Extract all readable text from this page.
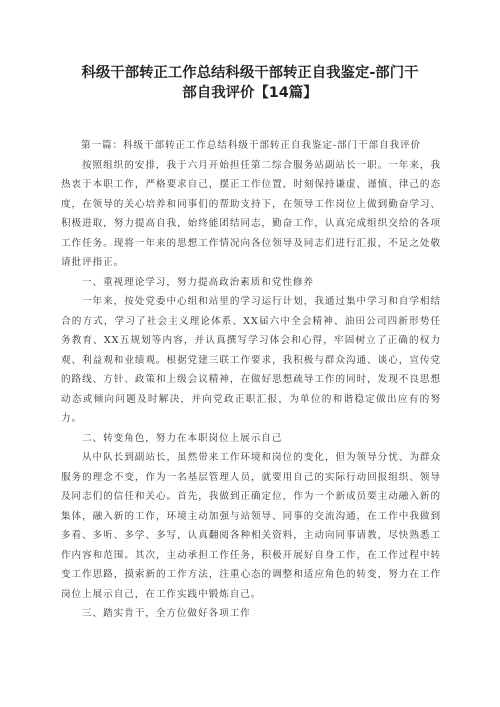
科级干部转正工作总结科级干部转正自我鉴定-部门干
部自我评价【14篇】

第一篇：科级干部转正工作总结科级干部转正自我鉴定-部门干部自我评价

按照组织的安排，我于六月开始担任第二综合服务站副站长一职。一年来，我热衷于本职工作，严格要求自己，摆正工作位置，时刻保持谦虚、谨慎、律己的态度，在领导的关心培养和同事们的帮助支持下，在领导工作岗位上做到勤奋学习、积极进取，努力提高自我，始终能团结同志，勤奋工作，认真完成组织交给的各项工作任务。现将一年来的思想工作情况向各位领导及同志们进行汇报，不足之处敬请批评指正。

一、重视理论学习，努力提高政治素质和党性修养

一年来，按处党委中心组和站里的学习运行计划，我通过集中学习和自学相结合的方式，学习了社会主义理论体系、XX届六中全会精神、油田公司四新形势任务教育、XX五规划等内容，并认真撰写学习体会和心得，牢固树立了正确的权力观、利益观和业绩观。根据党建三联工作要求，我积极与群众沟通、谈心，宣传党的路线、方针、政策和上级会议精神，在做好思想疏导工作的同时，发现不良思想动态或倾向问题及时解决，并向党政正职汇报，为单位的和谐稳定做出应有的努力。

二、转变角色，努力在本职岗位上展示自己

从中队长到副站长，虽然带来工作环境和岗位的变化，但为领导分忧、为群众服务的理念不变，作为一名基层管理人员，就要用自己的实际行动回报组织、领导及同志们的信任和关心。首先，我做到正确定位，作为一个新成员要主动融入新的集体，融入新的工作，环境主动加强与站领导、同事的交流沟通，在工作中我做到多看、多听、多学、多写，认真翻阅各种相关资料，主动向同事请教，尽快熟悉工作内容和范围。其次，主动承担工作任务，积极开展好自身工作，在工作过程中转变工作思路，摸索新的工作方法，注重心态的调整和适应角色的转变，努力在工作岗位上展示自己，在工作实践中锻炼自己。

三、踏实肯干，全方位做好各项工作
